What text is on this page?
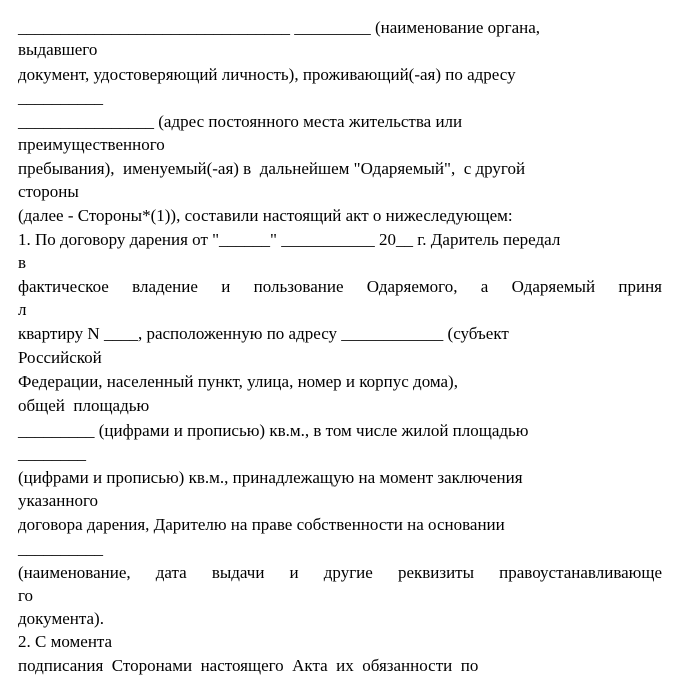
________________________________ _________ (наименование органа,
выдавшего
документ, удостоверяющий личность), проживающий(-ая) по адресу
__________
________________ (адрес постоянного места жительства или
преимущественного
пребывания),  именуемый(-ая) в  дальнейшем "Одаряемый",  с другой
стороны
(далее - Стороны*(1)), составили настоящий акт о нижеследующем:
1. По договору дарения от "______" ___________ 20__ г. Даритель передал
в
фактическое владение и пользование Одаряемого, а Одаряемый приня
л
квартиру N ____, расположенную по адресу ____________ (субъект
Российской
Федерации, населенный пункт, улица, номер и корпус дома),
общей  площадью
_________ (цифрами и прописью) кв.м., в том числе жилой площадью
________
(цифрами и прописью) кв.м., принадлежащую на момент заключения
указанного
договора дарения, Дарителю на праве собственности на основании
__________
(наименование, дата выдачи и другие реквизиты правоустанавливающе
го
документа).
2. С момента
подписания  Сторонами  настоящего  Акта  их  обязанности  по
